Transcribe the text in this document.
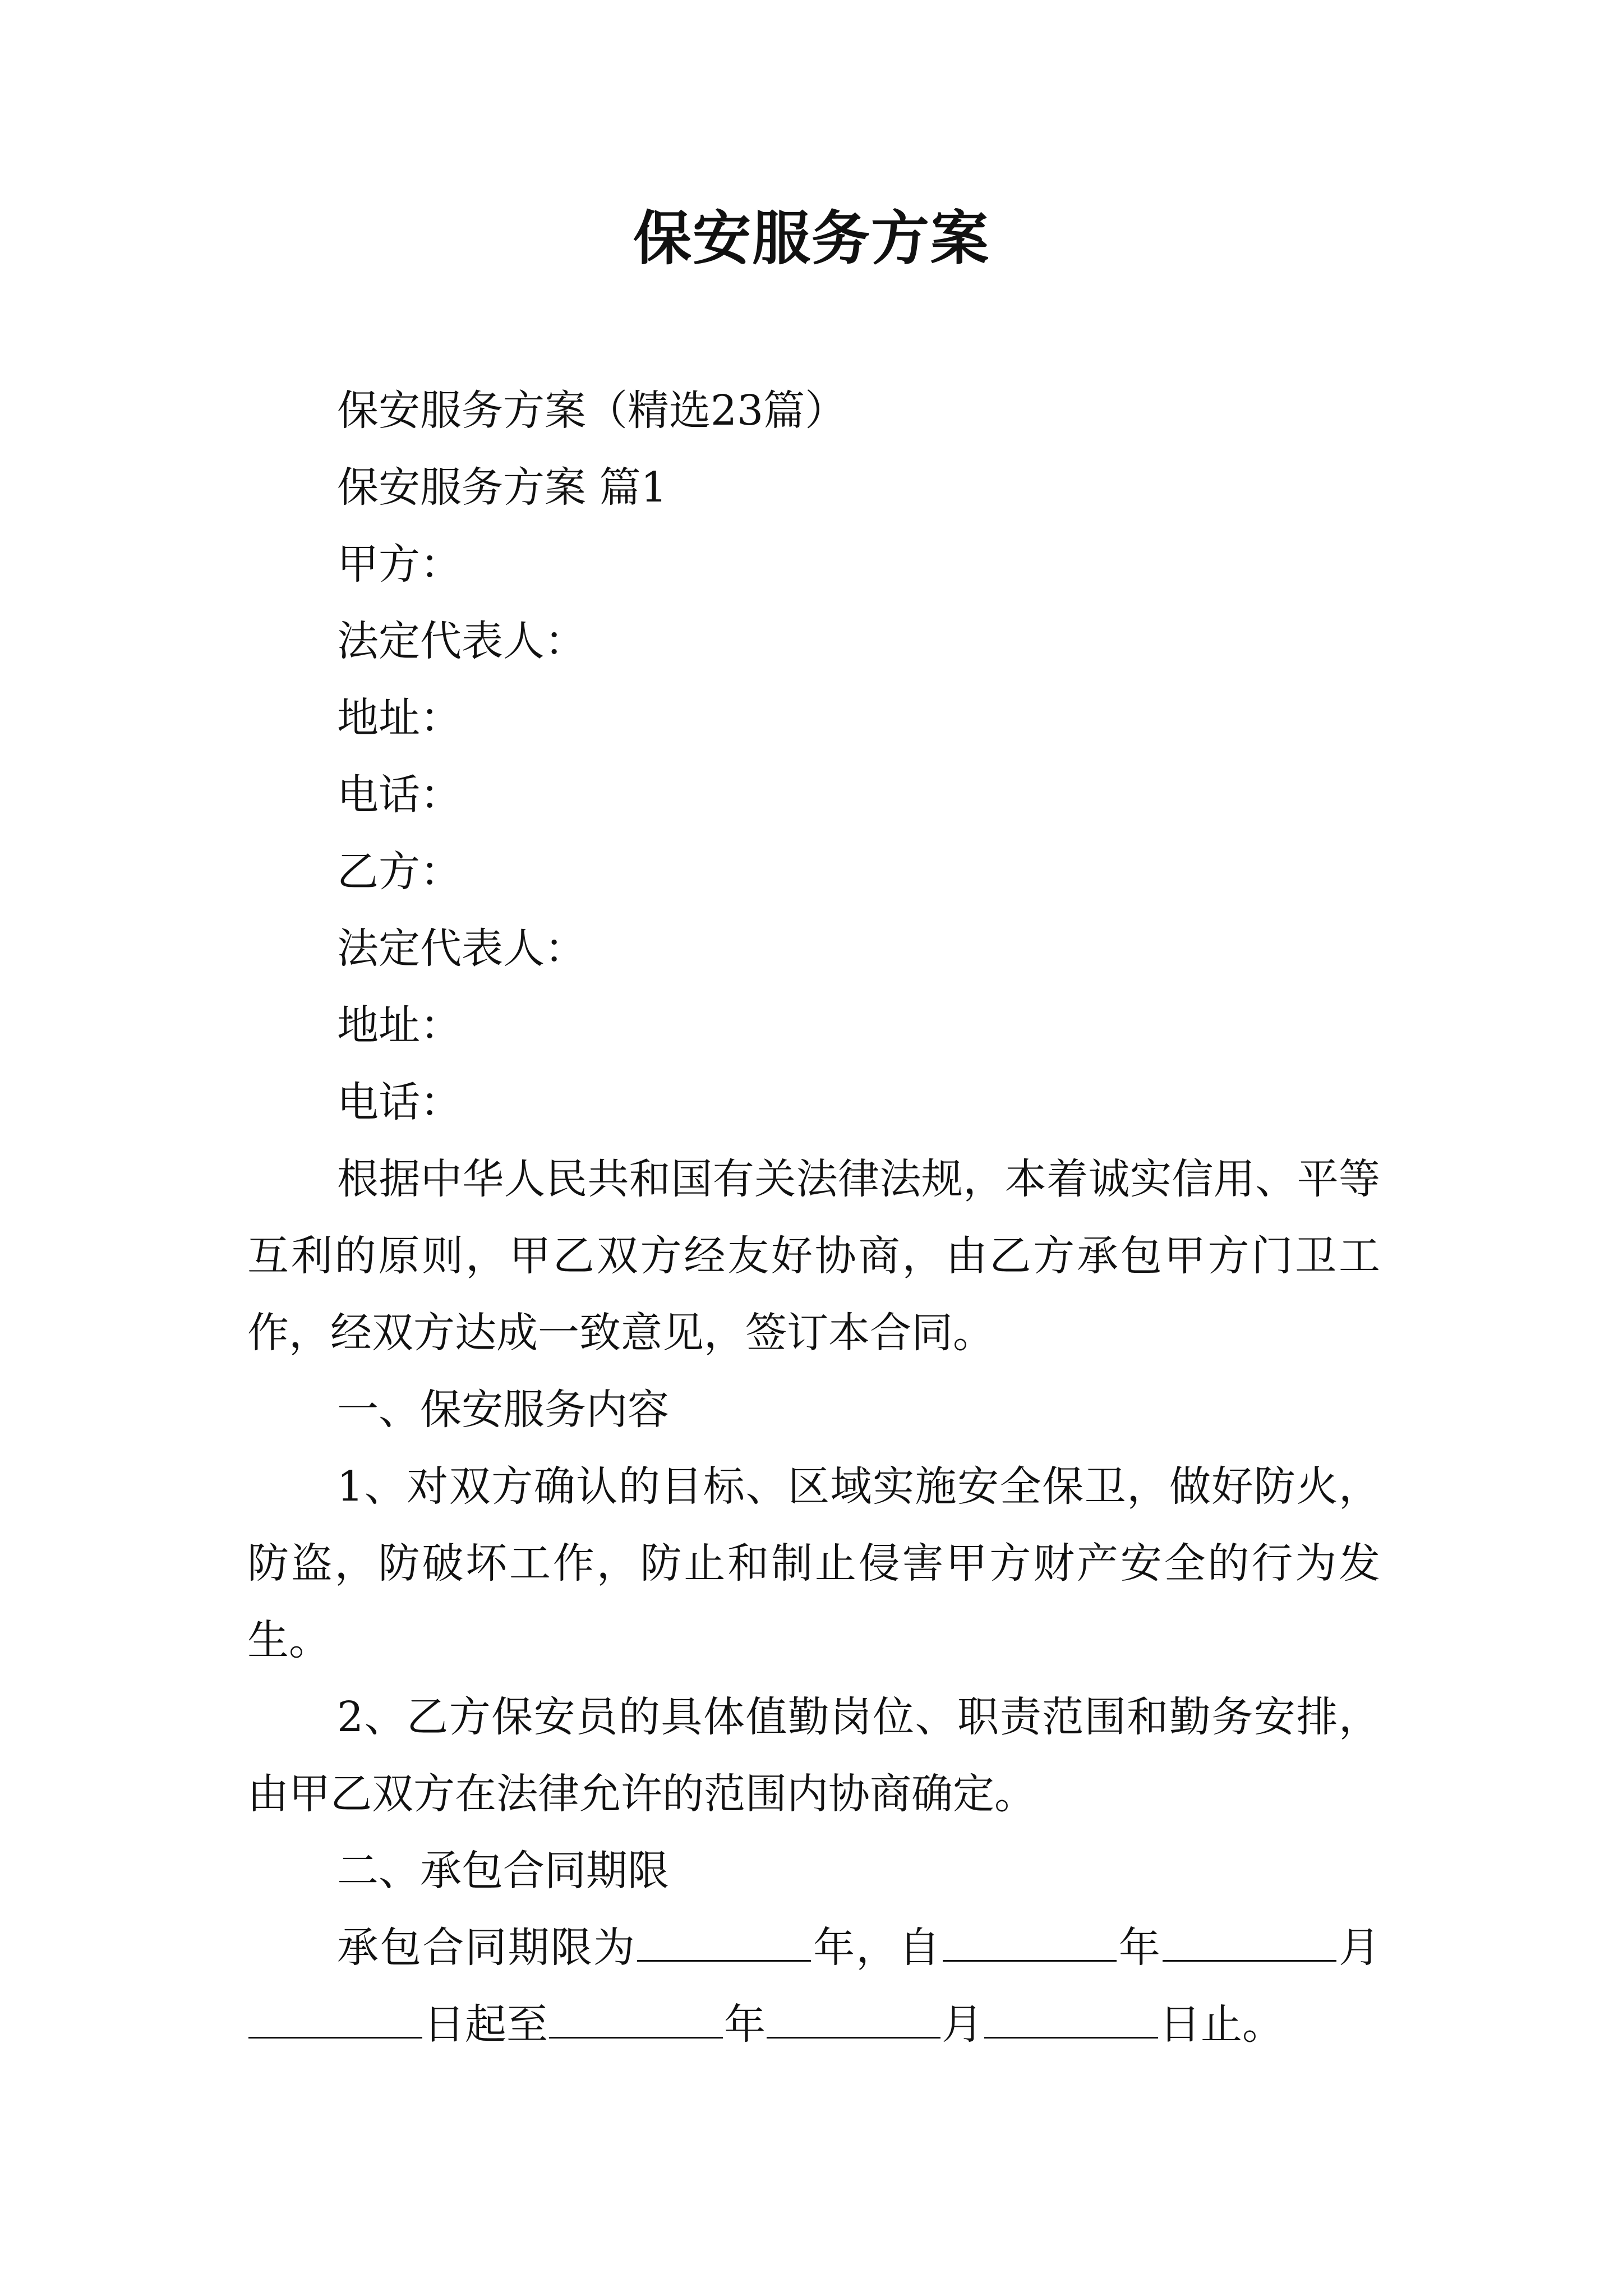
保安服务方案
保安服务方案（精选23篇）
保安服务方案 篇1
甲方：
法定代表人：
地址：
电话：
乙方：
法定代表人：
地址：
电话：
根据中华人民共和国有关法律法规，本着诚实信用、平等互利的原则，甲乙双方经友好协商，由乙方承包甲方门卫工作，经双方达成一致意见，签订本合同。
一、保安服务内容
1、对双方确认的目标、区域实施安全保卫，做好防火，防盗，防破坏工作，防止和制止侵害甲方财产安全的行为发生。
2、乙方保安员的具体值勤岗位、职责范围和勤务安排，由甲乙双方在法律允许的范围内协商确定。
二、承包合同期限
承包合同期限为	年，自	年	月日起至	年	月	日止。
